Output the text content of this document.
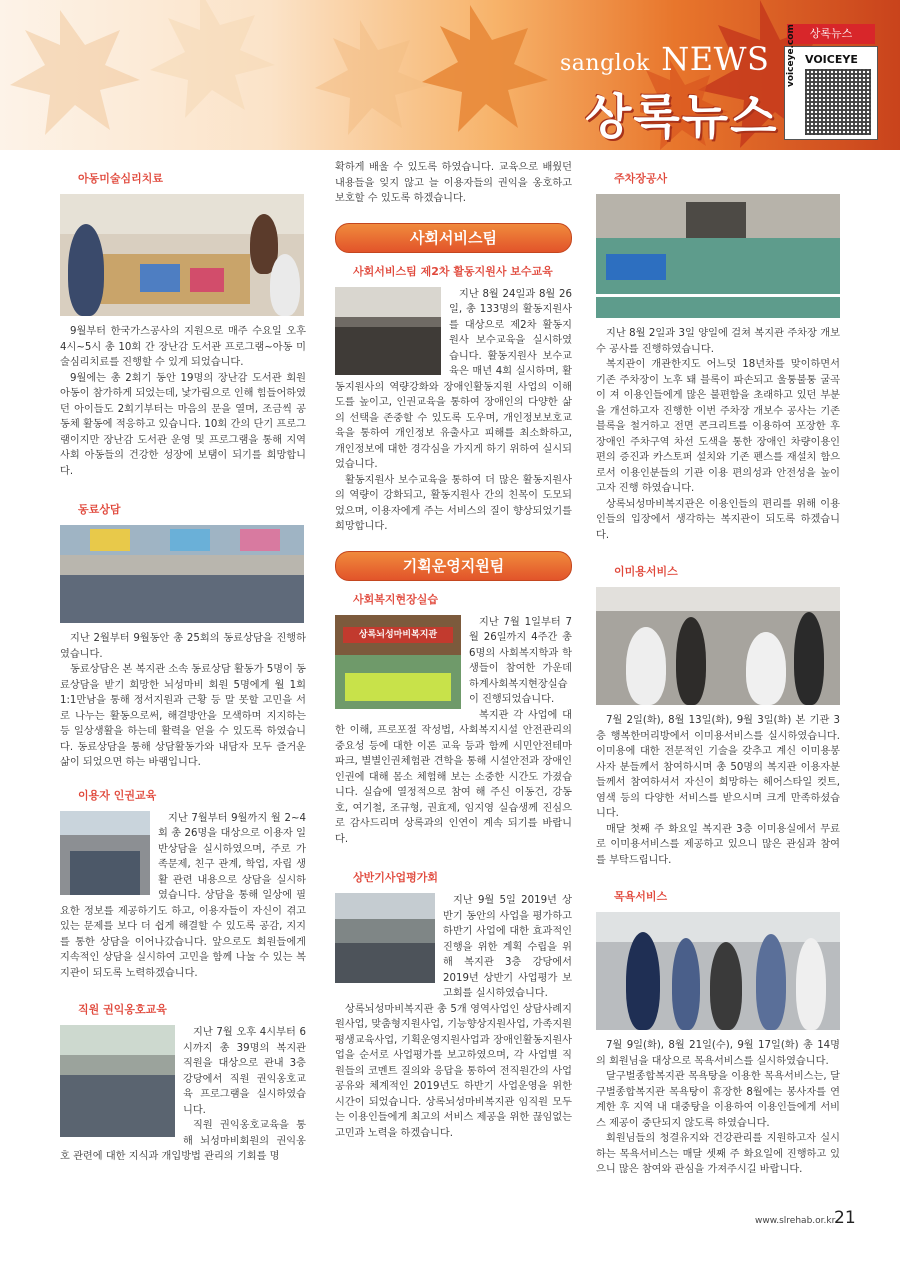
sanglok NEWS
상록뉴스
상록뉴스
VOICEYE
voiceye.com
아동미술심리치료

9월부터 한국가스공사의 지원으로 매주 수요일 오후 4시~5시 총 10회 간 장난감 도서관 프로그램~아동 미술심리치료를 진행할 수 있게 되었습니다.

9월에는 총 2회기 동안 19명의 장난감 도서관 회원 아동이 참가하게 되었는데, 낯가림으로 인해 힘들어하였던 아이들도 2회기부터는 마음의 문을 열며, 조금씩 공동체 활동에 적응하고 있습니다. 10회 간의 단기 프로그램이지만 장난감 도서관 운영 및 프로그램을 통해 지역사회 아동들의 건강한 성장에 보탬이 되기를 희망합니다.

동료상담

지난 2월부터 9월동안 총 25회의 동료상담을 진행하였습니다.

동료상담은 본 복지관 소속 동료상담 활동가 5명이 동료상담을 받기 희망한 뇌성마비 회원 5명에게 월 1회 1:1만남을 통해 정서지원과 근황 등 말 못할 고민을 서로 나누는 활동으로써, 해결방안을 모색하며 지지하는 등 일상생활을 하는데 활력을 얻을 수 있도록 하였습니다. 동료상담을 통해 상담활동가와 내담자 모두 즐거운 삶이 되었으면 하는 바램입니다.

이용자 인권교육

지난 7월부터 9월까지 월 2~4회 총 26명을 대상으로 이용자 일반상담을 실시하였으며, 주로 가족문제, 친구 관계, 학업, 자립 생활 관련 내용으로 상담을 실시하였습니다. 상담을 통해 일상에 필요한 정보를 제공하기도 하고, 이용자들이 자신이 겪고 있는 문제를 보다 더 쉽게 해결할 수 있도록 공감, 지지를 통한 상담을 이어나갔습니다. 앞으로도 회원들에게 지속적인 상담을 실시하여 고민을 함께 나눌 수 있는 복지관이 되도록 노력하겠습니다.

직원 권익옹호교육

지난 7월 오후 4시부터 6시까지 총 39명의 복지관 직원을 대상으로 관내 3층 강당에서 직원 권익옹호교육 프로그램을 실시하였습니다.

직원 권익옹호교육을 통해 뇌성마비회원의 권익옹호 관련에 대한 지식과 개입방법 관리의 기회를 명

확하게 배울 수 있도록 하였습니다. 교육으로 배웠던 내용들을 잊지 않고 늘 이용자들의 권익을 옹호하고 보호할 수 있도록 하겠습니다.

사회서비스팀
사회서비스팀 제2차 활동지원사 보수교육

지난 8월 24일과 8월 26일, 총 133명의 활동지원사를 대상으로 제2차 활동지원사 보수교육을 실시하였습니다. 활동지원사 보수교육은 매년 4회 실시하며, 활동지원사의 역량강화와 장애인활동지원 사업의 이해도를 높이고, 인권교육을 통하여 장애인의 다양한 삶의 선택을 존중할 수 있도록 도우며, 개인정보보호교육을 통하여 개인정보 유출사고 피해를 최소화하고, 개인정보에 대한 경각심을 가지게 하기 위하여 실시되었습니다.

활동지원사 보수교육을 통하여 더 많은 활동지원사의 역량이 강화되고, 활동지원사 간의 친목이 도모되었으며, 이용자에게 주는 서비스의 질이 향상되었기를 희망합니다.

기획운영지원팀
사회복지현장실습
상록뇌성마비복지관

지난 7월 1일부터 7월 26일까지 4주간 총 6명의 사회복지학과 학생들이 참여한 가운데 하계사회복지현장실습이 진행되었습니다.

복지관 각 사업에 대한 이해, 프로포절 작성법, 사회복지시설 안전관리의 중요성 등에 대한 이론 교육 등과 함께 시민안전테마파크, 별별인권체험관 견학을 통해 시설안전과 장애인인권에 대해 몸소 체험해 보는 소중한 시간도 가졌습니다. 실습에 열정적으로 참여 해 주신 이동건, 강동호, 여기철, 조규형, 권효제, 임지영 실습생께 진심으로 감사드리며 상록과의 인연이 계속 되기를 바랍니다.

상반기사업평가회

지난 9월 5일 2019년 상반기 동안의 사업을 평가하고 하반기 사업에 대한 효과적인 진행을 위한 계획 수립을 위해 복지관 3층 강당에서 2019년 상반기 사업평가 보고회를 실시하였습니다.

상록뇌성마비복지관 총 5개 영역사업인 상담사례지원사업, 맞춤형지원사업, 기능향상지원사업, 가족지원평생교육사업, 기획운영지원사업과 장애인활동지원사업을 순서로 사업평가를 보고하였으며, 각 사업별 직원들의 코멘트 질의와 응답을 통하여 전직원간의 사업공유와 체계적인 2019년도 하반기 사업운영을 위한 시간이 되었습니다. 상록뇌성마비복지관 임직원 모두는 이용인들에게 최고의 서비스 제공을 위한 끊임없는 고민과 노력을 하겠습니다.

주차장공사

지난 8월 2일과 3일 양일에 걸쳐 복지관 주차장 개보수 공사를 진행하였습니다.

복지관이 개관한지도 어느덧 18년차를 맞이하면서 기존 주차장이 노후 돼 블록이 파손되고 울퉁불퉁 굴곡이 져 이용인들에게 많은 불편함을 초래하고 있던 부분을 개선하고자 진행한 이번 주차장 개보수 공사는 기존 블록을 철거하고 전면 콘크리트를 이용하여 포장한 후 장애인 주차구역 차선 도색을 통한 장애인 차량이용인 편의 증진과 카스토퍼 설치와 기존 펜스를 재설치 함으로서 이용인분들의 기관 이용 편의성과 안전성을 높이고자 진행 하였습니다.

상록뇌성마비복지관은 이용인들의 편리를 위해 이용인들의 입장에서 생각하는 복지관이 되도록 하겠습니다.

이미용서비스

7월 2일(화), 8월 13일(화), 9월 3일(화) 본 기관 3층 행복한머리방에서 이미용서비스를 실시하였습니다. 이미용에 대한 전문적인 기술을 갖추고 계신 이미용봉사자 분들께서 참여하시며 총 50명의 복지관 이용자분들께서 참여하셔서 자신이 희망하는 헤어스타일 컷트, 염색 등의 다양한 서비스를 받으시며 크게 만족하셨습니다.

매달 첫째 주 화요일 복지관 3층 이미용실에서 무료로 이미용서비스를 제공하고 있으니 많은 관심과 참여를 부탁드립니다.

목욕서비스

7월 9일(화), 8월 21일(수), 9월 17일(화) 총 14명의 회원님을 대상으로 목욕서비스를 실시하였습니다.

달구벌종합복지관 목욕탕을 이용한 목욕서비스는, 달구벌종합복지관 목욕탕이 휴장한 8월에는 봉사자를 연계한 후 지역 내 대중탕을 이용하여 이용인들에게 서비스 제공이 중단되지 않도록 하였습니다.

회원님들의 청결유지와 건강관리를 지원하고자 실시하는 목욕서비스는 매달 셋째 주 화요일에 진행하고 있으니 많은 참여와 관심을 가져주시길 바랍니다.

www.slrehab.or.kr
21
